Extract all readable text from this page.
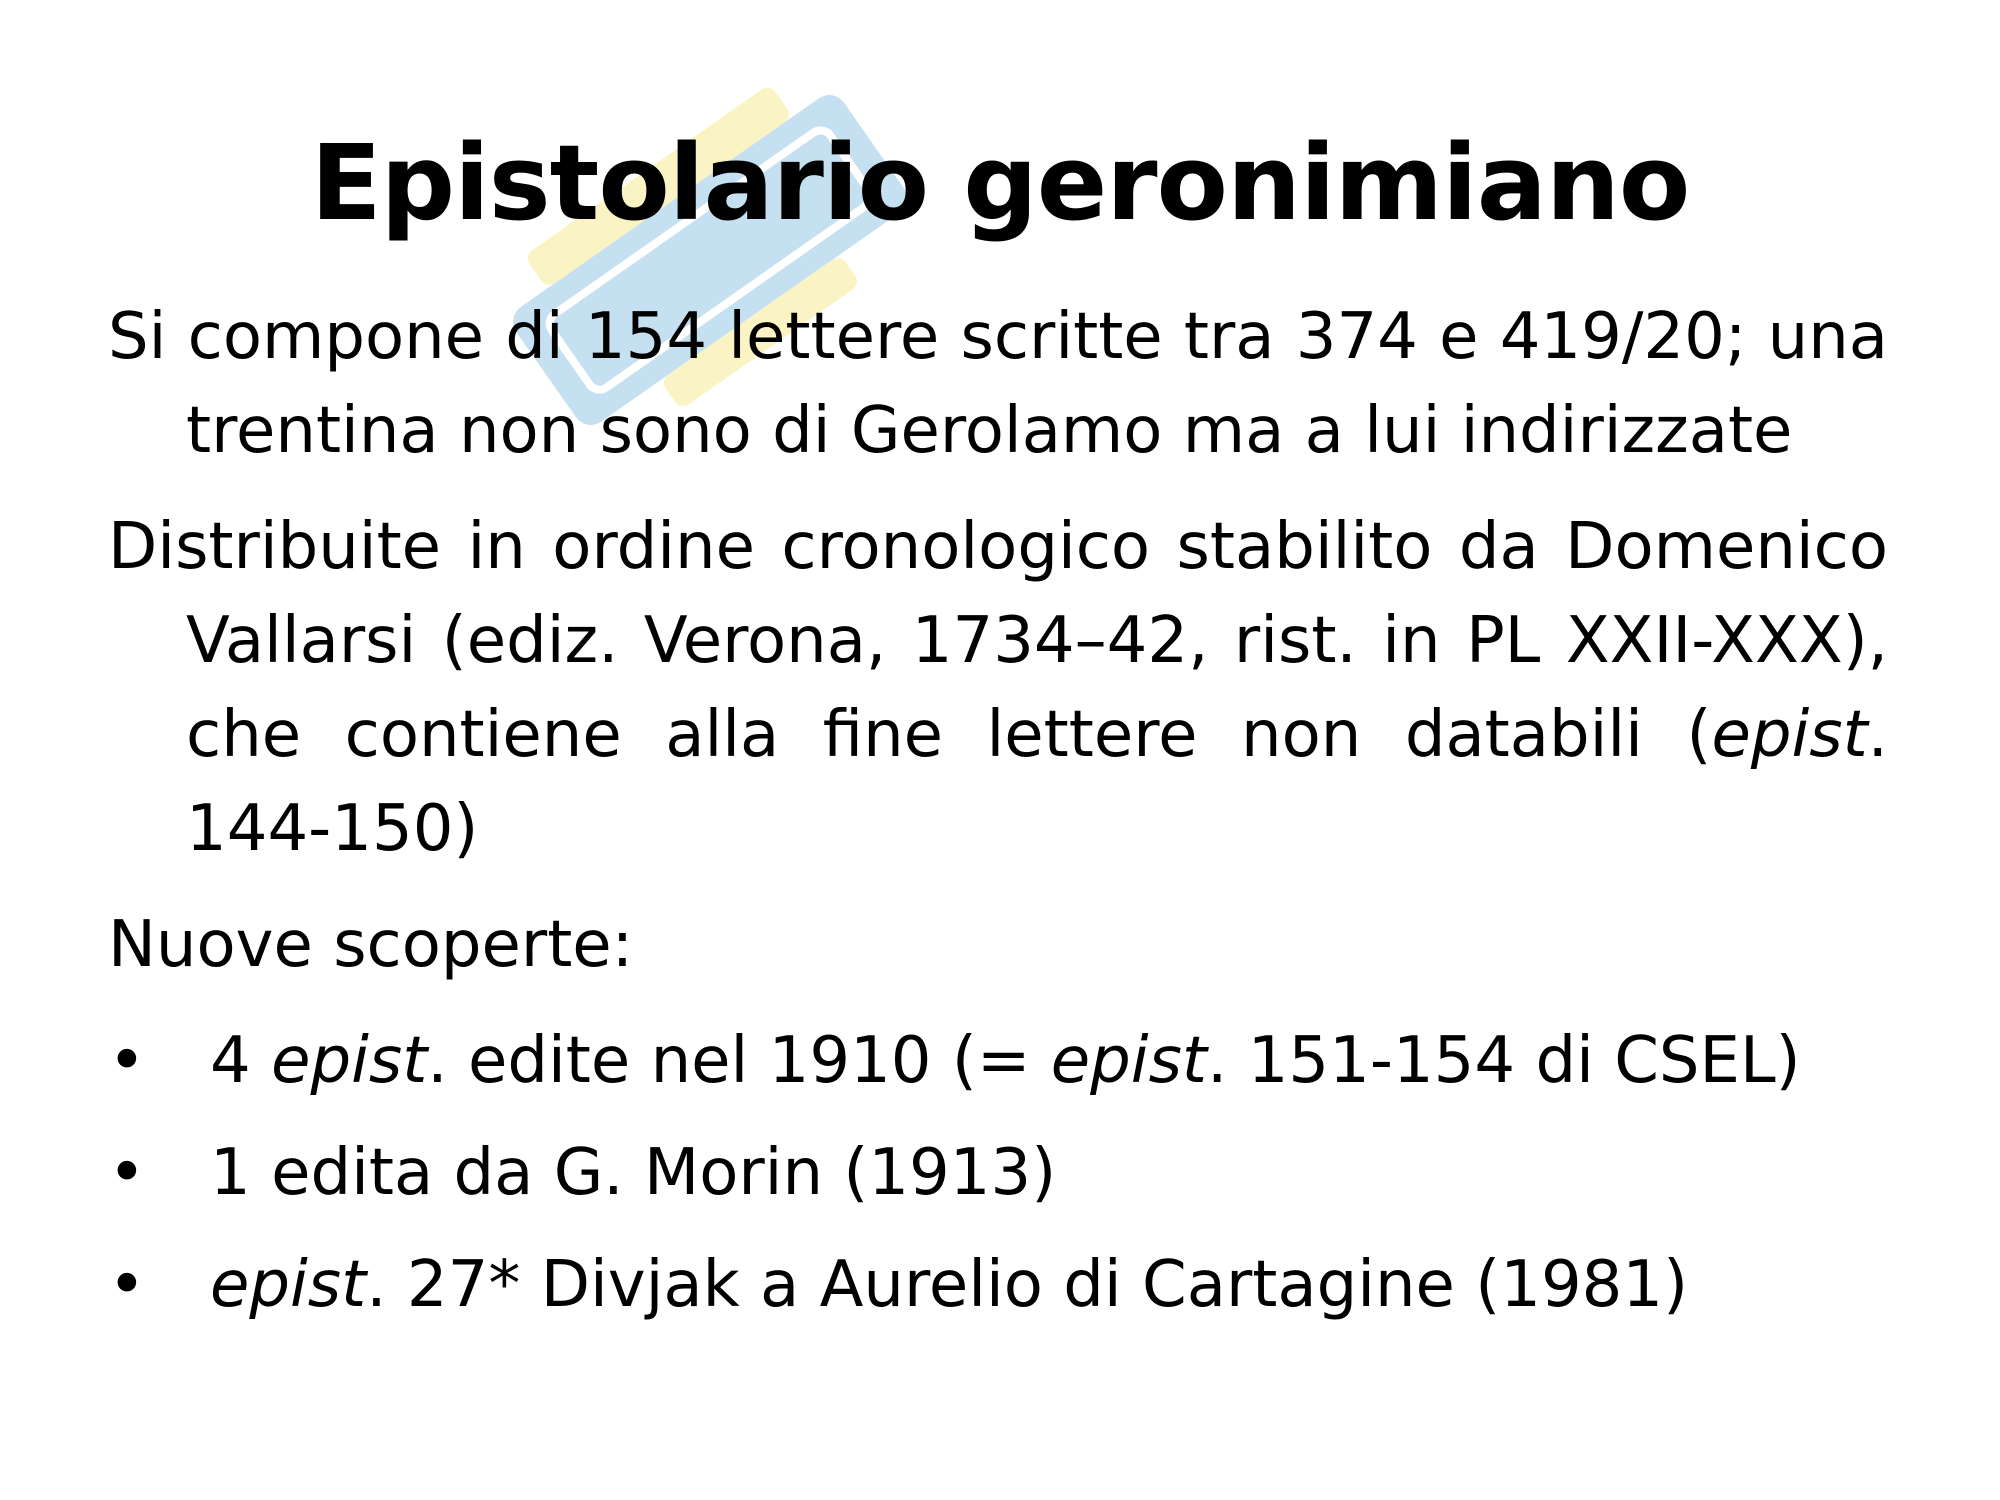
Epistolario geronimiano

Si compone di 154 lettere scritte tra 374 e 419/20; una trentina non sono di Gerolamo ma a lui indirizzate

Distribuite in ordine cronologico stabilito da Domenico Vallarsi (ediz. Verona, 1734–42, rist. in PL XXII-XXX), che contiene alla fine lettere non databili (epist. 144-150)

Nuove scoperte:

• 4 epist. edite nel 1910 (= epist. 151-154 di CSEL)
• 1 edita da G. Morin (1913)
• epist. 27* Divjak a Aurelio di Cartagine (1981)
